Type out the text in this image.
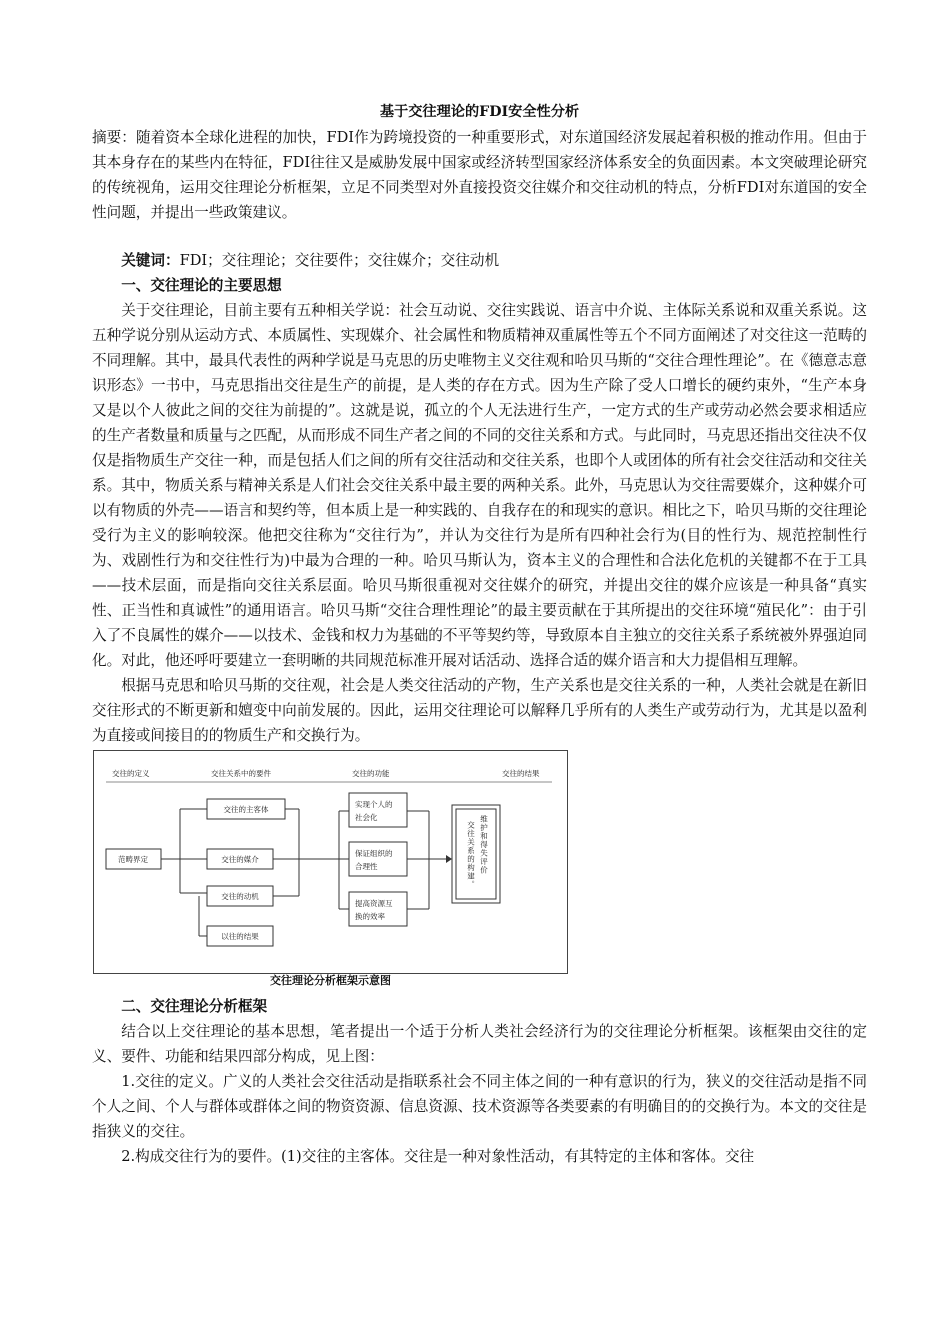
基于交往理论的FDI安全性分析

摘要：随着资本全球化进程的加快，FDI作为跨境投资的一种重要形式，对东道国经济发展起着积极的推动作用。但由于其本身存在的某些内在特征，FDI往往又是威胁发展中国家或经济转型国家经济体系安全的负面因素。本文突破理论研究的传统视角，运用交往理论分析框架，立足不同类型对外直接投资交往媒介和交往动机的特点，分析FDI对东道国的安全性问题，并提出一些政策建议。

关键词：FDI；交往理论；交往要件；交往媒介；交往动机

一、交往理论的主要思想

关于交往理论，目前主要有五种相关学说：社会互动说、交往实践说、语言中介说、主体际关系说和双重关系说。这五种学说分别从运动方式、本质属性、实现媒介、社会属性和物质精神双重属性等五个不同方面阐述了对交往这一范畴的不同理解。其中，最具代表性的两种学说是马克思的历史唯物主义交往观和哈贝马斯的“交往合理性理论”。在《德意志意识形态》一书中，马克思指出交往是生产的前提，是人类的存在方式。因为生产除了受人口增长的硬约束外，“生产本身又是以个人彼此之间的交往为前提的”。这就是说，孤立的个人无法进行生产，一定方式的生产或劳动必然会要求相适应的生产者数量和质量与之匹配，从而形成不同生产者之间的不同的交往关系和方式。与此同时，马克思还指出交往决不仅仅是指物质生产交往一种，而是包括人们之间的所有交往活动和交往关系，也即个人或团体的所有社会交往活动和交往关系。其中，物质关系与精神关系是人们社会交往关系中最主要的两种关系。此外，马克思认为交往需要媒介，这种媒介可以有物质的外壳——语言和契约等，但本质上是一种实践的、自我存在的和现实的意识。相比之下，哈贝马斯的交往理论受行为主义的影响较深。他把交往称为“交往行为”，并认为交往行为是所有四种社会行为(目的性行为、规范控制性行为、戏剧性行为和交往性行为)中最为合理的一种。哈贝马斯认为，资本主义的合理性和合法化危机的关键都不在于工具——技术层面，而是指向交往关系层面。哈贝马斯很重视对交往媒介的研究，并提出交往的媒介应该是一种具备“真实性、正当性和真诚性”的通用语言。哈贝马斯“交往合理性理论”的最主要贡献在于其所提出的交往环境“殖民化”：由于引入了不良属性的媒介——以技术、金钱和权力为基础的不平等契约等，导致原本自主独立的交往关系子系统被外界强迫同化。对此，他还呼吁要建立一套明晰的共同规范标准开展对话活动、选择合适的媒介语言和大力提倡相互理解。

根据马克思和哈贝马斯的交往观，社会是人类交往活动的产物，生产关系也是交往关系的一种，人类社会就是在新旧交往形式的不断更新和嬗变中向前发展的。因此，运用交往理论可以解释几乎所有的人类生产或劳动行为，尤其是以盈利为直接或间接目的的物质生产和交换行为。

交往的定义	交往关系中的要件	交往的功能	交往的结果
范畴界定
交往的主客体
交往的媒介
交往的动机
以往的结果
实现个人的
社会化
保证组织的
合理性
提高资源互
换的效率
交往关系的构建。 维护和得失评价
交往理论分析框架示意图

二、交往理论分析框架

结合以上交往理论的基本思想，笔者提出一个适于分析人类社会经济行为的交往理论分析框架。该框架由交往的定义、要件、功能和结果四部分构成，见上图：

1.交往的定义。广义的人类社会交往活动是指联系社会不同主体之间的一种有意识的行为，狭义的交往活动是指不同个人之间、个人与群体或群体之间的物资资源、信息资源、技术资源等各类要素的有明确目的的交换行为。本文的交往是指狭义的交往。

2.构成交往行为的要件。(1)交往的主客体。交往是一种对象性活动，有其特定的主体和客体。交往
